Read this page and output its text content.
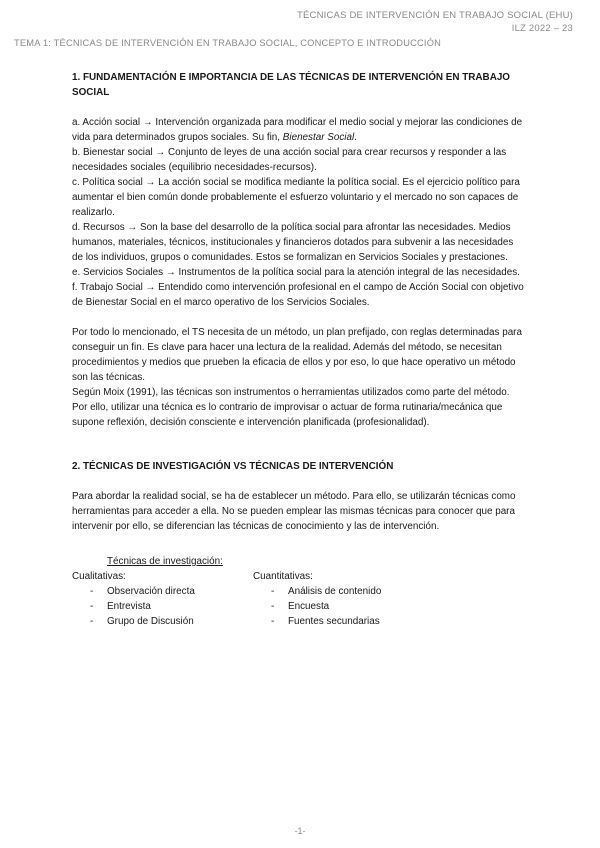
TÉCNICAS DE INTERVENCIÓN EN TRABAJO SOCIAL (EHU)
ILZ 2022 – 23
TEMA 1: TÉCNICAS DE INTERVENCIÓN EN TRABAJO SOCIAL, CONCEPTO E INTRODUCCIÓN

1. FUNDAMENTACIÓN E IMPORTANCIA DE LAS TÉCNICAS DE INTERVENCIÓN EN TRABAJO SOCIAL

a. Acción social → Intervención organizada para modificar el medio social y mejorar las condiciones de vida para determinados grupos sociales. Su fin, Bienestar Social.

b. Bienestar social → Conjunto de leyes de una acción social para crear recursos y responder a las necesidades sociales (equilibrio necesidades-recursos).

c. Política social → La acción social se modifica mediante la política social. Es el ejercicio político para aumentar el bien común donde probablemente el esfuerzo voluntario y el mercado no son capaces de realizarlo.

d. Recursos → Son la base del desarrollo de la política social para afrontar las necesidades. Medios humanos, materiales, técnicos, institucionales y financieros dotados para subvenir a las necesidades de los individuos, grupos o comunidades. Estos se formalizan en Servicios Sociales y prestaciones.

e. Servicios Sociales → Instrumentos de la política social para la atención integral de las necesidades.

f. Trabajo Social → Entendido como intervención profesional en el campo de Acción Social con objetivo de Bienestar Social en el marco operativo de los Servicios Sociales.

Por todo lo mencionado, el TS necesita de un método, un plan prefijado, con reglas determinadas para conseguir un fin. Es clave para hacer una lectura de la realidad. Además del método, se necesitan procedimientos y medios que prueben la eficacia de ellos y por eso, lo que hace operativo un método son las técnicas.

Según Moix (1991), las técnicas son instrumentos o herramientas utilizados como parte del método. Por ello, utilizar una técnica es lo contrario de improvisar o actuar de forma rutinaria/mecánica que supone reflexión, decisión consciente e intervención planificada (profesionalidad).

2. TÉCNICAS DE INVESTIGACIÓN VS TÉCNICAS DE INTERVENCIÓN

Para abordar la realidad social, se ha de establecer un método. Para ello, se utilizarán técnicas como herramientas para acceder a ella. No se pueden emplear las mismas técnicas para conocer que para intervenir por ello, se diferencian las técnicas de conocimiento y las de intervención.

Técnicas de investigación:

Cualitativas:
-	Observación directa
-	Entrevista
-	Grupo de Discusión
Cuantitativas:
-	Análisis de contenido
-	Encuesta
-	Fuentes secundarias
-1-
